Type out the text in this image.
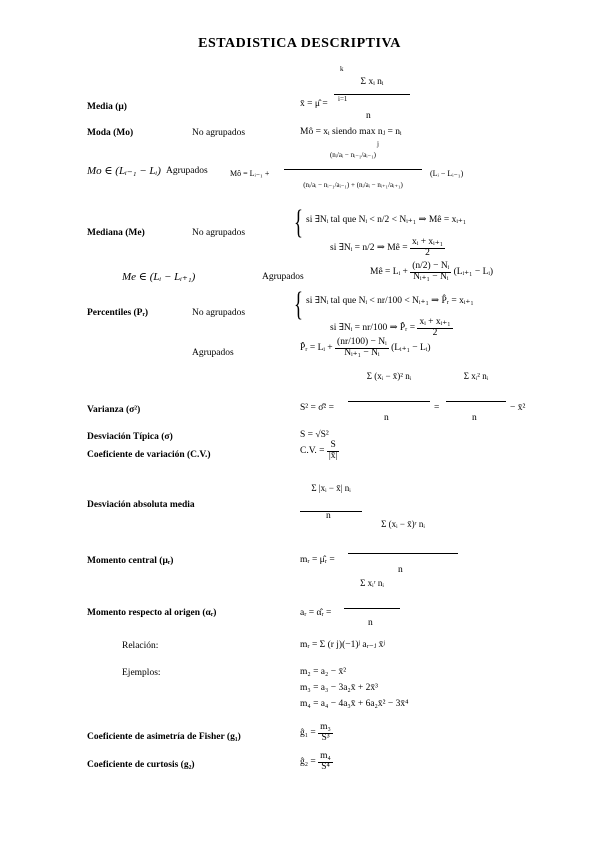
ESTADISTICA DESCRIPTIVA
Media (μ)
k
x̄ = μ̂ =
Σ xᵢ nᵢ
i=1
n
Moda (Mo)	No agrupados	Mô = xᵢ siendo max nⱼ = nᵢ
j
Mo ∈ (Lᵢ₋₁ − Lᵢ) Agrupados	Mô = Lᵢ₋₁ +
(nᵢ/aᵢ − nᵢ₋₁/aᵢ₋₁)
(nᵢ/aᵢ − nᵢ₋₁/aᵢ₋₁) + (nᵢ/aᵢ − nᵢ₊₁/aᵢ₊₁)
(Lᵢ − Lᵢ₋₁)
Mediana (Me)	No agrupados { si ∃Nᵢ tal que Nᵢ < n/2 < Nᵢ₊₁ ⇒ Mê = xᵢ₊₁
si ∃Nᵢ = n/2 ⇒ Mê = $\frac{\text{xᵢ + xᵢ₊₁}}{2}$
Me ∈ (Lᵢ − Lᵢ₊₁)	Agrupados	Mê = Lᵢ + $\frac{\text{(n/2) − Nᵢ}}{\text{Nᵢ₊₁ − Nᵢ}}$ (Lᵢ₊₁ − Lᵢ)
Percentiles (Pᵣ)	No agrupados { si ∃Nᵢ tal que Nᵢ < nr/100 < Nᵢ₊₁ ⇒ P̂ᵣ = xᵢ₊₁
si ∃Nᵢ = nr/100 ⇒ P̂ᵣ = $\frac{\text{xᵢ + xᵢ₊₁}}{2}$
Agrupados	P̂ᵣ = Lᵢ + $\frac{\text{(nr/100) − Nᵢ}}{\text{Nᵢ₊₁ − Nᵢ}}$ (Lᵢ₊₁ − Lᵢ)
Varianza (σ²)	S² = σ̂² =
Σ (xᵢ − x̄)² nᵢ
n
=
Σ xᵢ² nᵢ
n
− x̄²
Desviación Típica (σ)	S = √S²
Coeficiente de variación (C.V.)	C.V. = $\frac{S}{|x̄|}$
Desviación absoluta media
$\frac{\text{Σ |xᵢ − x̄| nᵢ}}{n}$
Momento central (μᵣ)	mᵣ = μ̂ᵣ =
Σ (xᵢ − x̄)ʳ nᵢ
n
Momento respecto al origen (αᵣ)	aᵣ = α̂ᵣ =
Σ xᵢʳ nᵢ
n
Relación:	mᵣ = Σ (r j)(−1)ʲ aᵣ₋ⱼ x̄ʲ
Ejemplos:	m₂ = a₂ − x̄²
m₃ = a₃ − 3a₂x̄ + 2x̄³
m₄ = a₄ − 4a₃x̄ + 6a₂x̄² − 3x̄⁴
Coeficiente de asimetría de Fisher (g₁)	ĝ₁ = $\frac{\text{m₃}}{\text{S³}}$
Coeficiente de curtosis (g₂)	ĝ₂ = $\frac{\text{m₄}}{\text{S⁴}}$
